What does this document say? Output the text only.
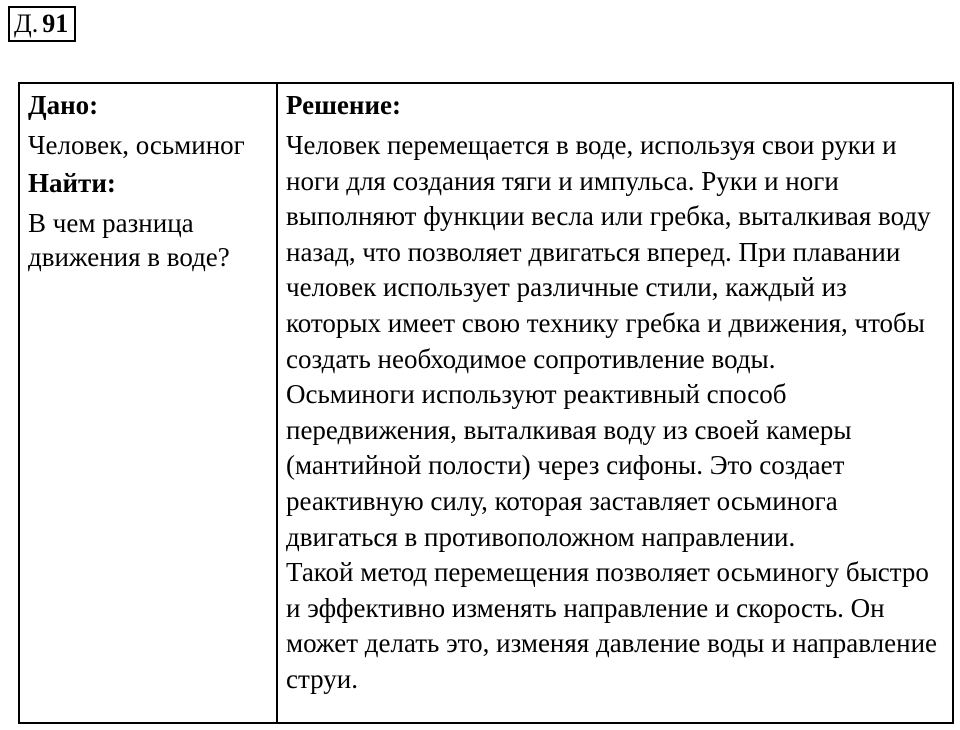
Д. 91
Дано:
Человек, осьминог
Найти:
В чем разница движения в воде?
Решение:

Человек перемещается в воде, используя свои руки и ноги для создания тяги и импульса. Руки и ноги выполняют функции весла или гребка, выталкивая воду назад, что позволяет двигаться вперед. При плавании человек использует различные стили, каждый из которых имеет свою технику гребка и движения, чтобы создать необходимое сопротивление воды.

Осьминоги используют реактивный способ передвижения, выталкивая воду из своей камеры (мантийной полости) через сифоны. Это создает реактивную силу, которая заставляет осьминога двигаться в противоположном направлении.

Такой метод перемещения позволяет осьминогу быстро и эффективно изменять направление и скорость. Он может делать это, изменяя давление воды и направление струи.
